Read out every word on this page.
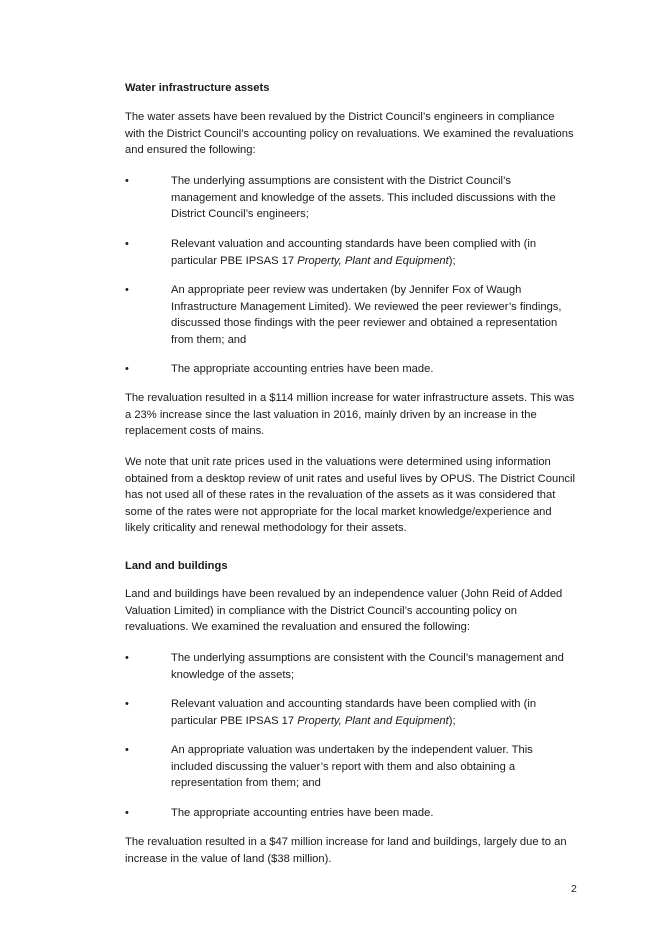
Water infrastructure assets
The water assets have been revalued by the District Council’s engineers in compliance with the District Council’s accounting policy on revaluations. We examined the revaluations and ensured the following:
•	The underlying assumptions are consistent with the District Council’s management and knowledge of the assets. This included discussions with the District Council’s engineers;
•	Relevant valuation and accounting standards have been complied with (in particular PBE IPSAS 17 Property, Plant and Equipment);
•	An appropriate peer review was undertaken (by Jennifer Fox of Waugh Infrastructure Management Limited). We reviewed the peer reviewer’s findings, discussed those findings with the peer reviewer and obtained a representation from them; and
•	The appropriate accounting entries have been made.
The revaluation resulted in a $114 million increase for water infrastructure assets. This was a 23% increase since the last valuation in 2016, mainly driven by an increase in the replacement costs of mains.
We note that unit rate prices used in the valuations were determined using information obtained from a desktop review of unit rates and useful lives by OPUS. The District Council has not used all of these rates in the revaluation of the assets as it was considered that some of the rates were not appropriate for the local market knowledge/experience and likely criticality and renewal methodology for their assets.
Land and buildings
Land and buildings have been revalued by an independence valuer (John Reid of Added Valuation Limited) in compliance with the District Council’s accounting policy on revaluations. We examined the revaluation and ensured the following:
•	The underlying assumptions are consistent with the Council’s management and knowledge of the assets;
•	Relevant valuation and accounting standards have been complied with (in particular PBE IPSAS 17 Property, Plant and Equipment);
•	An appropriate valuation was undertaken by the independent valuer. This included discussing the valuer’s report with them and also obtaining a representation from them; and
•	The appropriate accounting entries have been made.
The revaluation resulted in a $47 million increase for land and buildings, largely due to an increase in the value of land ($38 million).
2
